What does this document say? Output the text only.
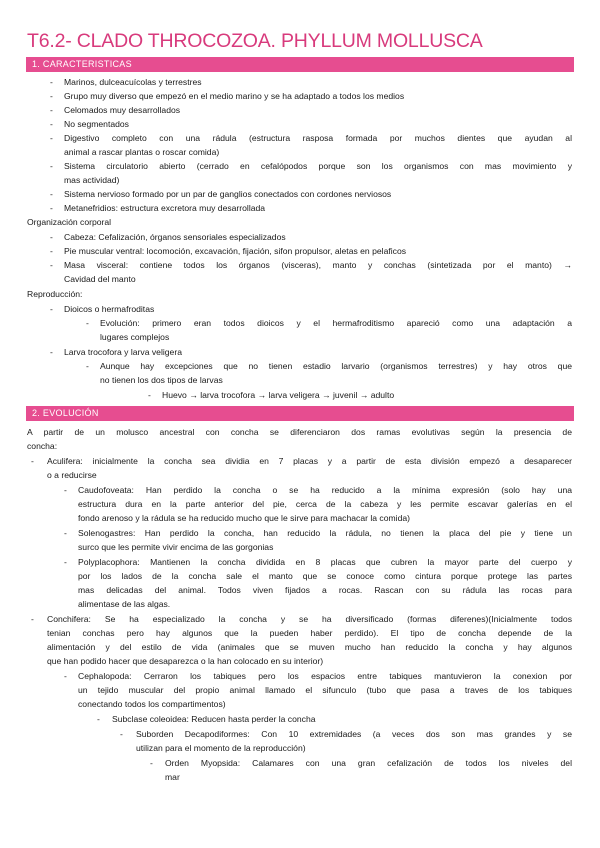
T6.2- CLADO THROCOZOA. PHYLLUM MOLLUSCA
1. CARACTERISTICAS
- Marinos, dulceacuícolas y terrestres
- Grupo muy diverso que empezó en el medio marino y se ha adaptado a todos los medios
- Celomados muy desarrollados
- No segmentados
- Digestivo completo con una rádula (estructura rasposa formada por muchos dientes que ayudan al
animal a rascar plantas o roscar comida)
- Sistema circulatorio abierto (cerrado en cefalópodos porque son los organismos con mas movimiento y
mas actividad)
- Sistema nervioso formado por un par de ganglios conectados con cordones nerviosos
- Metanefridios: estructura excretora muy desarrollada
Organización corporal
- Cabeza: Cefalización, órganos sensoriales especializados
- Pie muscular ventral: locomoción, excavación, fijación, sifon propulsor, aletas en pelaficos
- Masa visceral: contiene todos los órganos (visceras), manto y conchas (sintetizada por el manto) →
Cavidad del manto
Reproducción:
- Dioicos o hermafroditas
- Evolución: primero eran todos dioicos y el hermafroditismo apareció como una adaptación a
lugares complejos
- Larva trocofora y larva veligera
- Aunque hay excepciones que no tienen estadio larvario (organismos terrestres) y hay otros que
no tienen los dos tipos de larvas
- Huevo → larva trocofora → larva veligera → juvenil → adulto
2. EVOLUCIÓN
A partir de un molusco ancestral con concha se diferenciaron dos ramas evolutivas según la presencia de
concha:
- Aculifera: inicialmente la concha sea dividia en 7 placas y a partir de esta división empezó a desaparecer
o a reducirse
- Caudofoveata: Han perdido la concha o se ha reducido a la mínima expresión (solo hay una
estructura dura en la parte anterior del pie, cerca de la cabeza y les permite escavar galerías en el
fondo arenoso y la rádula se ha reducido mucho que le sirve para machacar la comida)
- Solenogastres: Han perdido la concha, han reducido la rádula, no tienen la placa del pie y tiene un
surco que les permite vivir encima de las gorgonias
- Polyplacophora: Mantienen la concha dividida en 8 placas que cubren la mayor parte del cuerpo y
por los lados de la concha sale el manto que se conoce como cintura porque protege las partes
mas delicadas del animal. Todos viven fijados a rocas. Rascan con su rádula las rocas para
alimentase de las algas.
- Conchifera: Se ha especializado la concha y se ha diversificado (formas diferenes)(Inicialmente todos
tenian conchas pero hay algunos que la pueden haber perdido). El tipo de concha depende de la
alimentación y del estilo de vida (animales que se muven mucho han reducido la concha y hay algunos
que han podido hacer que desaparezca o la han colocado en su interior)
- Cephalopoda: Cerraron los tabiques pero los espacios entre tabiques mantuvieron la conexion por
un tejido muscular del propio animal llamado el sifunculo (tubo que pasa a traves de los tabiques
conectando todos los compartimentos)
- Subclase coleoidea: Reducen hasta perder la concha
- Suborden Decapodiformes: Con 10 extremidades (a veces dos son mas grandes y se
utilizan para el momento de la reproducción)
- Orden Myopsida: Calamares con una gran cefalización de todos los niveles del
mar
